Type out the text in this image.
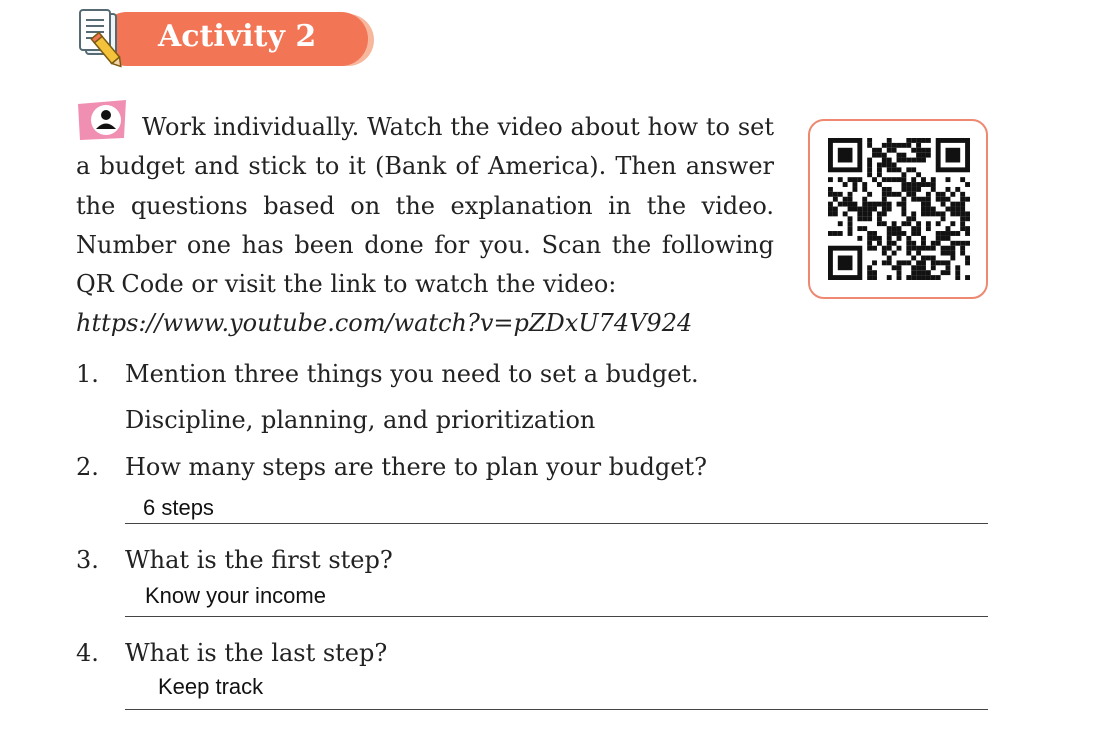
Activity 2
Work individually. Watch the video about how to set a budget and stick to it (Bank of America). Then answer the questions based on the explanation in the video. Number one has been done for you. Scan the following QR Code or visit the link to watch the video:
https://www.youtube.com/watch?v=pZDxU74V924
1. Mention three things you need to set a budget.
Discipline, planning, and prioritization
2. How many steps are there to plan your budget?
6 steps
3. What is the first step?
Know your income
4. What is the last step?
Keep track
